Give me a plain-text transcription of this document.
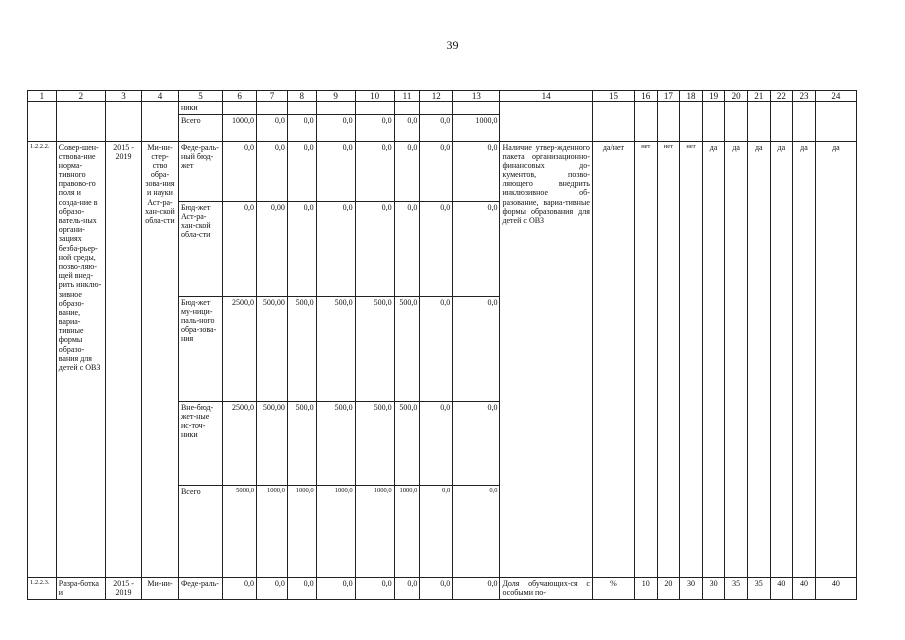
39
1	2	3	4	5	6	7	8	9	10	11	12	13	14	15	16	17	18	19	20	21	22	23	24
				ники																			
				Всего	1000,0	0,0	0,0	0,0	0,0	0,0	0,0	1000,0											
1.2.2.2.	Совер-шен-ствова-ние норма-тивного правово-го поля и созда-ние в образо-ватель-ных органи-зациях безба-рьер-ной среды, позво-ляю-щей внед-рить инклю-зивное образо-вание, вариа-тивные формы образо-вания для детей с ОВЗ	2015 - 2019	Ми-ни-стер-ство обра-зова-ния и науки Аст-ра-хан-ской обла-сти	Феде-раль-ный бюд-жет	0,0	0,0	0,0	0,0	0,0	0,0	0,0	0,0	Наличие утвер-жденного пакета организационно-финансовых до-кументов, позво-ляющего внедрить инклюзивное об-разование, вариа-тивные формы образования для детей с ОВЗ	да/нет	нет	нет	нет	да	да	да	да	да	да
				Бюд-жет Аст-ра-хан-ской обла-сти	0,0	0,00	0,0	0,0	0,0	0,0	0,0	0,0											
				Бюд-жет му-ници-паль-ного обра-зова-ния	2500,0	500,00	500,0	500,0	500,0	500,0	0,0	0,0											
				Вне-бюд-жет-ные ис-точ-ники	2500,0	500,00	500,0	500,0	500,0	500,0	0,0	0,0											
				Всего	5000,0	1000,0	1000,0	1000,0	1000,0	1000,0	0,0	0,0											
1.2.2.3.	Разра-ботка и	2015 - 2019	Ми-ни-	Феде-раль-	0,0	0,0	0,0	0,0	0,0	0,0	0,0	0,0	Доля обучающих-ся с особыми по-	%	10	20	30	30	35	35	40	40	40
